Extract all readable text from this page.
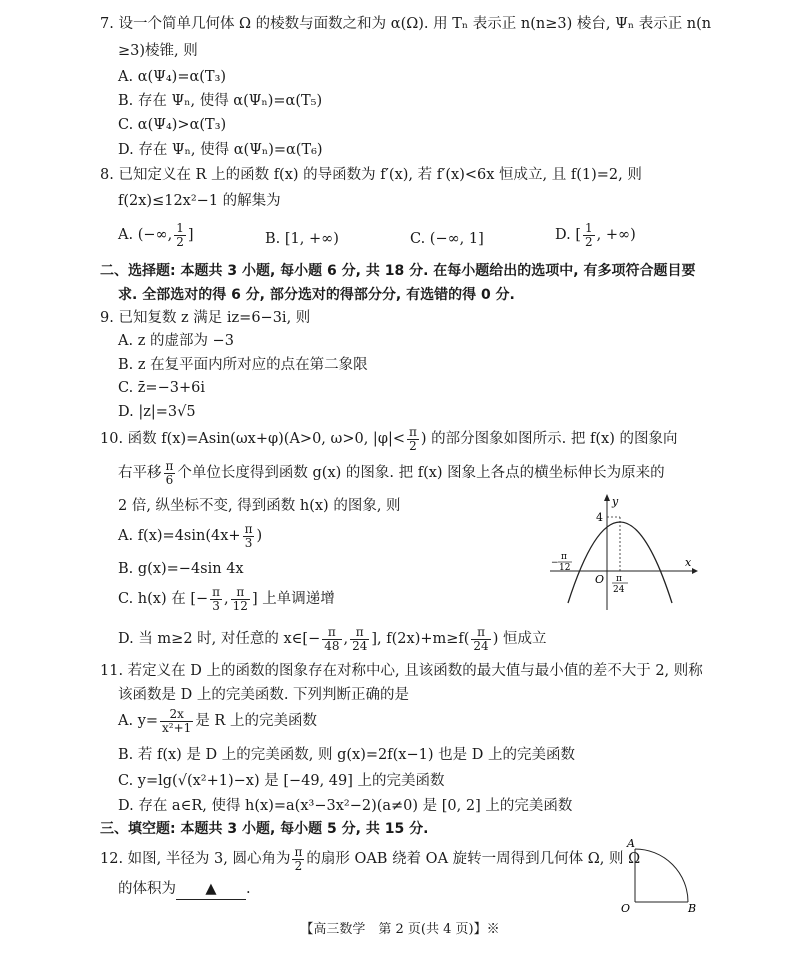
7. 设一个简单几何体 Ω 的棱数与面数之和为 α(Ω). 用 Tₙ 表示正 n(n≥3) 棱台, Ψₙ 表示正 n(n
≥3)棱锥, 则
A. α(Ψ₄)=α(T₃)
B. 存在 Ψₙ, 使得 α(Ψₙ)=α(T₅)
C. α(Ψ₄)>α(T₃)
D. 存在 Ψₙ, 使得 α(Ψₙ)=α(T₆)
8. 已知定义在 R 上的函数 f(x) 的导函数为 f′(x), 若 f′(x)<6x 恒成立, 且 f(1)=2, 则
f(2x)≤12x²−1 的解集为
A. (−∞, $\frac{1}{2}$ ]	B. [1, +∞)	C. (−∞, 1]	D. [ $\frac{1}{2}$ , +∞)
二、选择题: 本题共 3 小题, 每小题 6 分, 共 18 分. 在每小题给出的选项中, 有多项符合题目要
求. 全部选对的得 6 分, 部分选对的得部分分, 有选错的得 0 分.
9. 已知复数 z 满足 iz=6−3i, 则
A. z 的虚部为 −3
B. z 在复平面内所对应的点在第二象限
C. z̄=−3+6i
D. |z|=3√5
10. 函数 f(x)=Asin(ωx+φ)(A>0, ω>0, $|\varphi|< \frac{\pi}{2}$ ) 的部分图象如图所示. 把 f(x) 的图象向
右平移 $\frac{\pi}{6}$ 个单位长度得到函数 g(x) 的图象. 把 f(x) 图象上各点的横坐标伸长为原来的
2 倍, 纵坐标不变, 得到函数 h(x) 的图象, 则
A. $f(x)=4\sin(4x+ \frac{\pi}{3}$ )
B. g(x)=−4sin 4x
C. h(x) 在 [− $\frac{\pi}{3}$ , $\frac{\pi}{12}$ ] 上单调递增
D. 当 m≥2 时, 对任意的 x∈[− $\frac{\pi}{48}$ , $\frac{\pi}{24}$ ], $f(2x)+m\ge f( \frac{\pi}{24}$ ) 恒成立
y
x
O
4
−
π
12
π
24
11. 若定义在 D 上的函数的图象存在对称中心, 且该函数的最大值与最小值的差不大于 2, 则称
该函数是 D 上的完美函数. 下列判断正确的是
A. $y= \frac{2x}{\text{x²+1}}$ 是 R 上的完美函数
B. 若 f(x) 是 D 上的完美函数, 则 g(x)=2f(x−1) 也是 D 上的完美函数
C. y=lg(√(x²+1)−x) 是 [−49, 49] 上的完美函数
D. 存在 a∈R, 使得 h(x)=a(x³−3x²−2)(a≠0) 是 [0, 2] 上的完美函数
三、填空题: 本题共 3 小题, 每小题 5 分, 共 15 分.
12. 如图, 半径为 3, 圆心角为 $\frac{\pi}{2}$ 的扇形 OAB 绕着 OA 旋转一周得到几何体 Ω, 则 Ω
的体积为 ▲ .
A
O	B
【高三数学　第 2 页(共 4 页)】※
